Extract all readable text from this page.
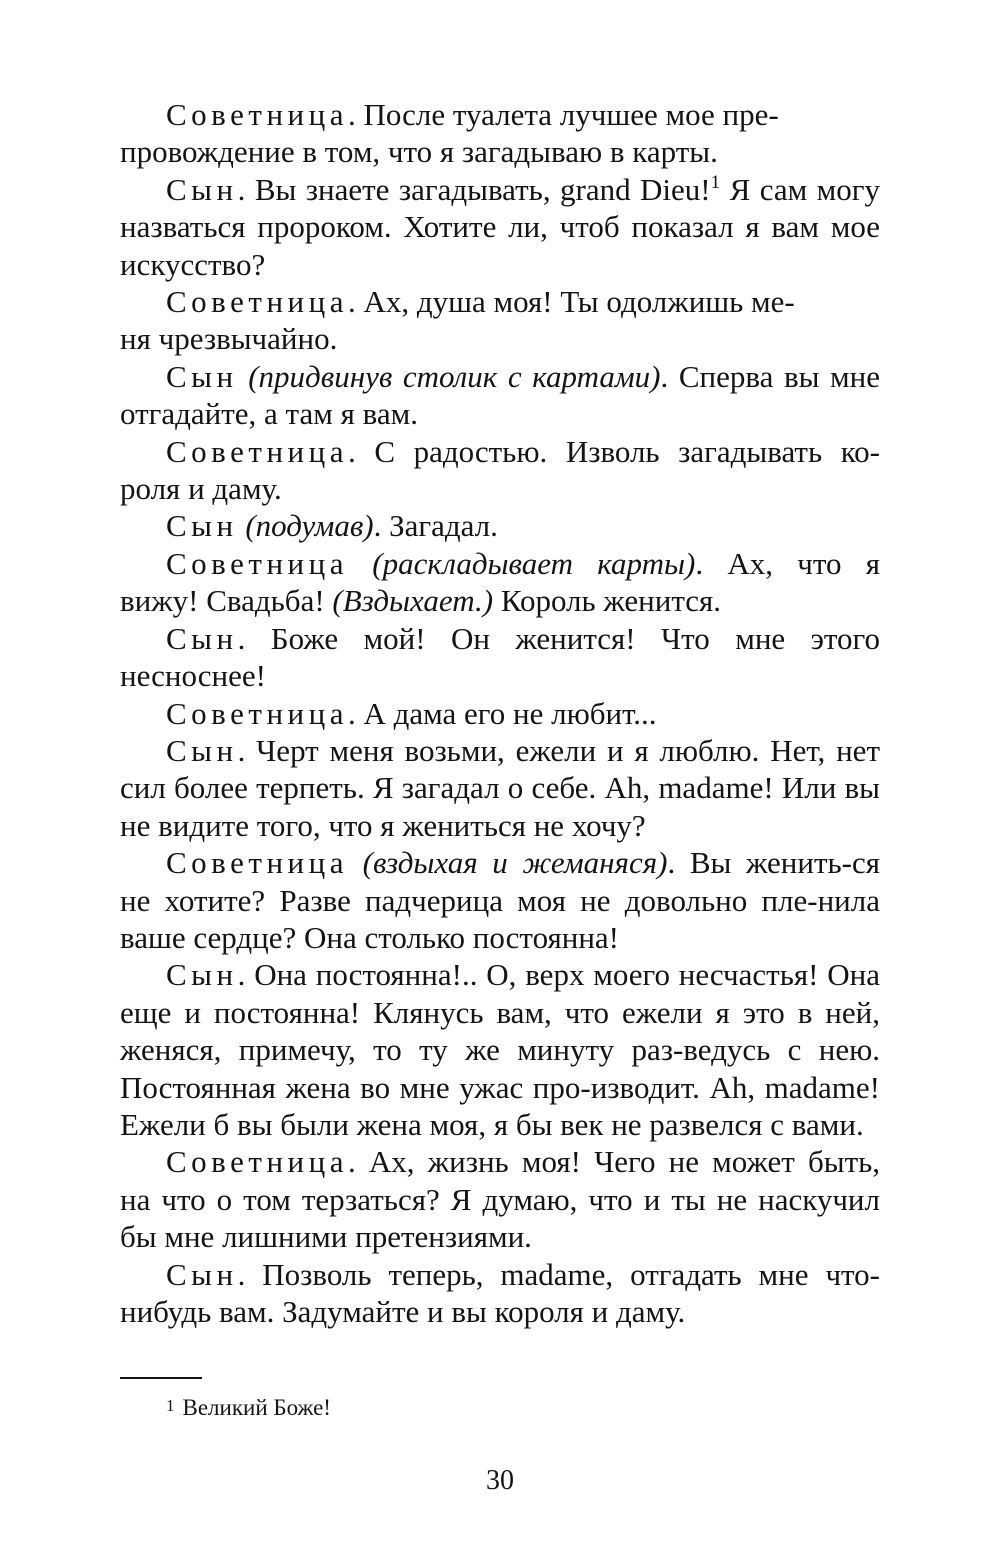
Советница. После туалета лучшее мое пре-
провождение в том, что я загадываю в карты.

Сын. Вы знаете загадывать, grand Dieu!$^1$ Я сам могу назваться пророком. Хотите ли, чтоб показал я вам мое искусство?

Советница. Ах, душа моя! Ты одолжишь ме-
ня чрезвычайно.

Сын (придвинув столик с картами). Сперва вы мне отгадайте, а там я вам.

Советница. С радостью. Изволь загадывать ко-роля и даму.

Сын (подумав). Загадал.

Советница (раскладывает карты). Ах, что я вижу! Свадьба! (Вздыхает.) Король женится.

Сын. Боже мой! Он женится! Что мне этого несноснее!

Советница. А дама его не любит...

Сын. Черт меня возьми, ежели и я люблю. Нет, нет сил более терпеть. Я загадал о себе. Ah, madame! Или вы не видите того, что я жениться не хочу?

Советница (вздыхая и жеманяся). Вы женить-ся не хотите? Разве падчерица моя не довольно пле-нила ваше сердце? Она столько постоянна!

Сын. Она постоянна!.. О, верх моего несчастья! Она еще и постоянна! Клянусь вам, что ежели я это в ней, женяся, примечу, то ту же минуту раз-ведусь с нею. Постоянная жена во мне ужас про-изводит. Ah, madame! Ежели б вы были жена моя, я бы век не развелся с вами.

Советница. Ах, жизнь моя! Чего не может быть, на что о том терзаться? Я думаю, что и ты не наскучил бы мне лишними претензиями.

Сын. Позволь теперь, madame, отгадать мне что-нибудь вам. Задумайте и вы короля и даму.

1 Великий Боже!

30
